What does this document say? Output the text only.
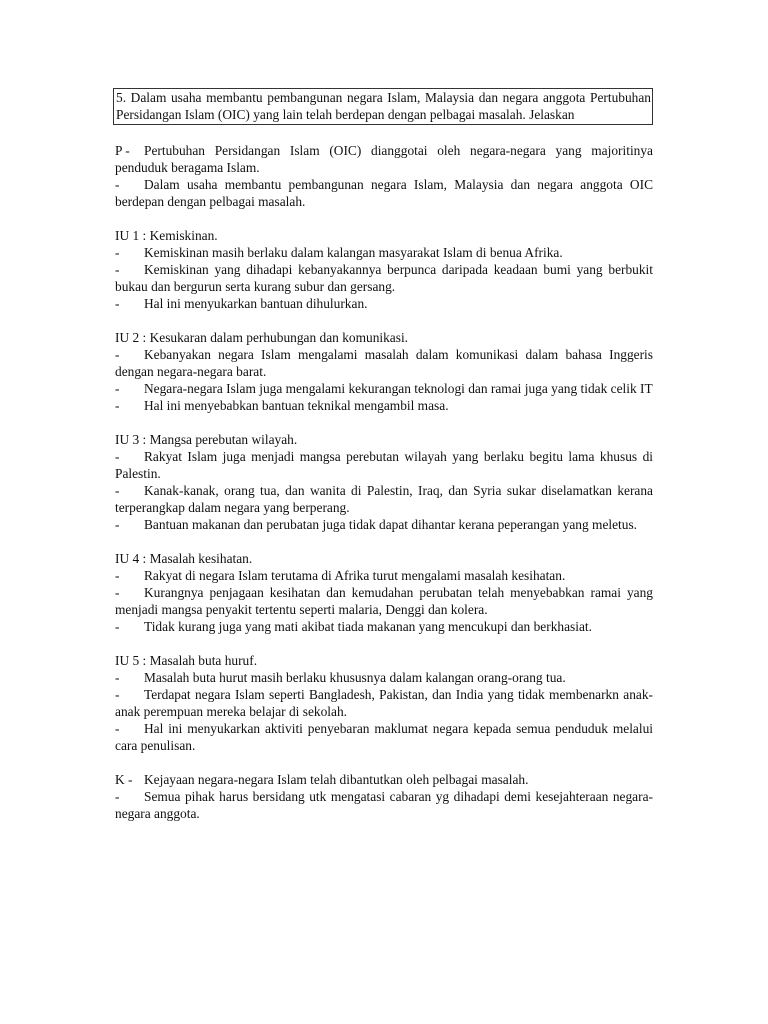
5. Dalam usaha membantu pembangunan negara Islam, Malaysia dan negara anggota Pertubuhan Persidangan Islam (OIC) yang lain telah berdepan dengan pelbagai masalah. Jelaskan
P - Pertubuhan Persidangan Islam (OIC) dianggotai oleh negara-negara yang majoritinya penduduk beragama Islam.
- Dalam usaha membantu pembangunan negara Islam, Malaysia dan negara anggota OIC berdepan dengan pelbagai masalah.
IU 1 : Kemiskinan.
- Kemiskinan masih berlaku dalam kalangan masyarakat Islam di benua Afrika.
- Kemiskinan yang dihadapi kebanyakannya berpunca daripada keadaan bumi yang berbukit bukau dan bergurun serta kurang subur dan gersang.
- Hal ini menyukarkan bantuan dihulurkan.
IU 2 : Kesukaran dalam perhubungan dan komunikasi.
- Kebanyakan negara Islam mengalami masalah dalam komunikasi dalam bahasa Inggeris dengan negara-negara barat.
- Negara-negara Islam juga mengalami kekurangan teknologi dan ramai juga yang tidak celik IT
- Hal ini menyebabkan bantuan teknikal mengambil masa.
IU 3 : Mangsa perebutan wilayah.
- Rakyat Islam juga menjadi mangsa perebutan wilayah yang berlaku begitu lama khusus di Palestin.
- Kanak-kanak, orang tua, dan wanita di Palestin, Iraq, dan Syria sukar diselamatkan kerana terperangkap dalam negara yang berperang.
- Bantuan makanan dan perubatan juga tidak dapat dihantar kerana peperangan yang meletus.
IU 4 : Masalah kesihatan.
- Rakyat di negara Islam terutama di Afrika turut mengalami masalah kesihatan.
- Kurangnya penjagaan kesihatan dan kemudahan perubatan telah menyebabkan ramai yang menjadi mangsa penyakit tertentu seperti malaria, Denggi dan kolera.
- Tidak kurang juga yang mati akibat tiada makanan yang mencukupi dan berkhasiat.
IU 5 : Masalah buta huruf.
- Masalah buta hurut masih berlaku khususnya dalam kalangan orang-orang tua.
- Terdapat negara Islam seperti Bangladesh, Pakistan, dan India yang tidak membenarkn anak-anak perempuan mereka belajar di sekolah.
- Hal ini menyukarkan aktiviti penyebaran maklumat negara kepada semua penduduk melalui cara penulisan.
K - Kejayaan negara-negara Islam telah dibantutkan oleh pelbagai masalah.
- Semua pihak harus bersidang utk mengatasi cabaran yg dihadapi demi kesejahteraan negara-negara anggota.
